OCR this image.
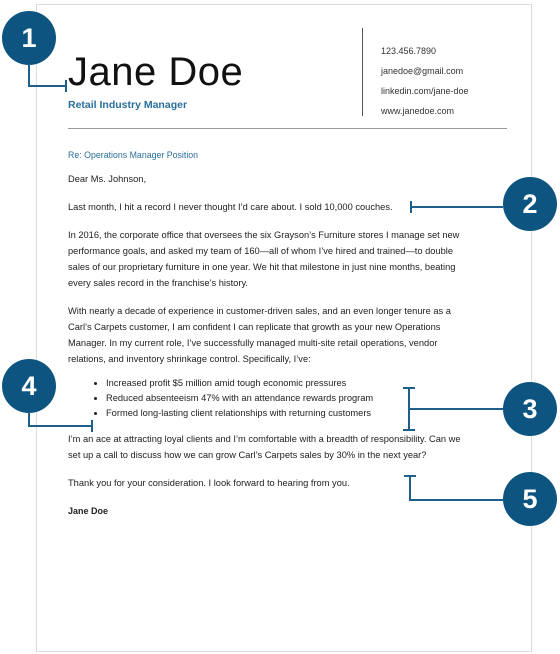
Jane Doe
Retail Industry Manager
123.456.7890
janedoe@gmail.com
linkedin.com/jane-doe
www.janedoe.com

Re: Operations Manager Position

Dear Ms. Johnson,

Last month, I hit a record I never thought I’d care about. I sold 10,000 couches.

In 2016, the corporate office that oversees the six Grayson’s Furniture stores I manage set new performance goals, and asked my team of 160—all of whom I’ve hired and trained—to double sales of our proprietary furniture in one year. We hit that milestone in just nine months, beating every sales record in the franchise’s history.

With nearly a decade of experience in customer-driven sales, and an even longer tenure as a Carl’s Carpets customer, I am confident I can replicate that growth as your new Operations Manager. In my current role, I’ve successfully managed multi-site retail operations, vendor relations, and inventory shrinkage control. Specifically, I’ve:

• Increased profit $5 million amid tough economic pressures
• Reduced absenteeism 47% with an attendance rewards program
• Formed long-lasting client relationships with returning customers

I’m an ace at attracting loyal clients and I’m comfortable with a breadth of responsibility. Can we set up a call to discuss how we can grow Carl’s Carpets sales by 30% in the next year?

Thank you for your consideration. I look forward to hearing from you.

Jane Doe

1
2
3
4
5
